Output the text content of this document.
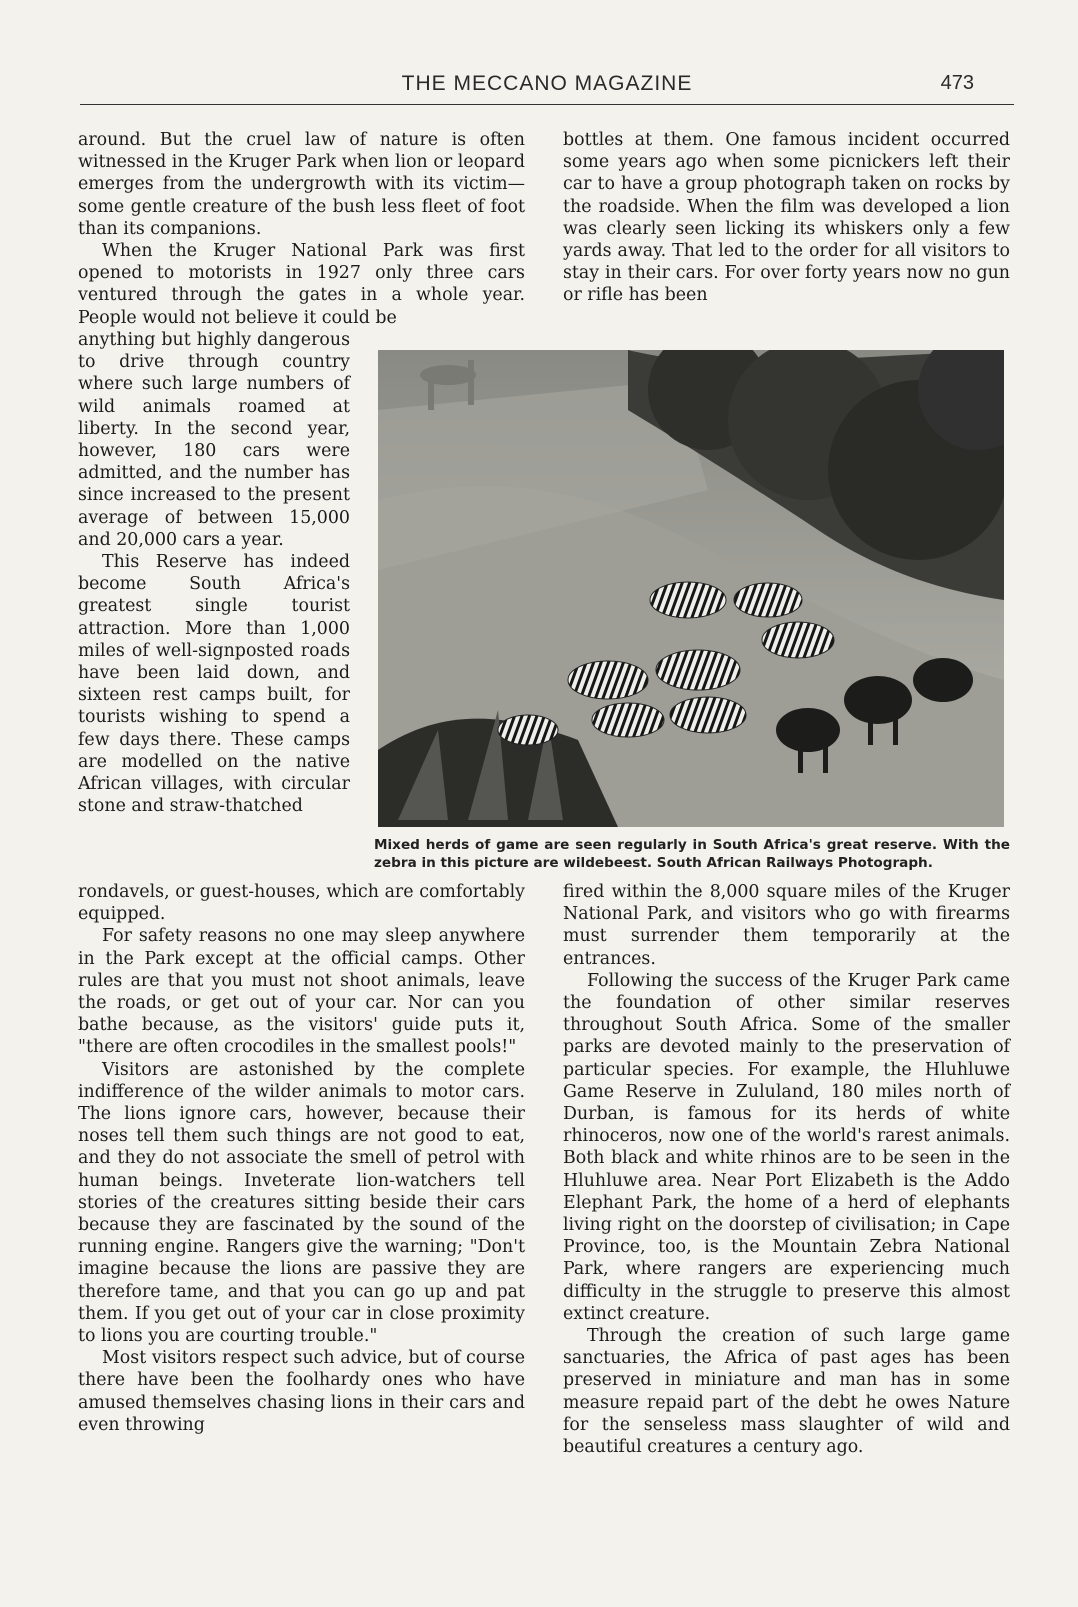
THE MECCANO MAGAZINE	473

around. But the cruel law of nature is often witnessed in the Kruger Park when lion or leopard emerges from the undergrowth with its victim—some gentle creature of the bush less fleet of foot than its companions.

When the Kruger National Park was first opened to motorists in 1927 only three cars ventured through the gates in a whole year. People would not believe it could be

anything but highly dangerous to drive through country where such large numbers of wild animals roamed at liberty. In the second year, however, 180 cars were admitted, and the number has since increased to the present average of between 15,000 and 20,000 cars a year.

This Reserve has indeed become South Africa's greatest single tourist attraction. More than 1,000 miles of well-signposted roads have been laid down, and sixteen rest camps built, for tourists wishing to spend a few days there. These camps are modelled on the native African villages, with circular stone and straw-thatched

rondavels, or guest-houses, which are comfortably equipped.

For safety reasons no one may sleep anywhere in the Park except at the official camps. Other rules are that you must not shoot animals, leave the roads, or get out of your car. Nor can you bathe because, as the visitors' guide puts it, "there are often crocodiles in the smallest pools!"

Visitors are astonished by the complete indifference of the wilder animals to motor cars. The lions ignore cars, however, because their noses tell them such things are not good to eat, and they do not associate the smell of petrol with human beings. Inveterate lion-watchers tell stories of the creatures sitting beside their cars because they are fascinated by the sound of the running engine. Rangers give the warning; "Don't imagine because the lions are passive they are therefore tame, and that you can go up and pat them. If you get out of your car in close proximity to lions you are courting trouble."

Most visitors respect such advice, but of course there have been the foolhardy ones who have amused themselves chasing lions in their cars and even throwing

bottles at them. One famous incident occurred some years ago when some picnickers left their car to have a group photograph taken on rocks by the roadside. When the film was developed a lion was clearly seen licking its whiskers only a few yards away. That led to the order for all visitors to stay in their cars. For over forty years now no gun or rifle has been

Mixed herds of game are seen regularly in South Africa's great reserve. With the zebra in this picture are wildebeest. South African Railways Photograph.

fired within the 8,000 square miles of the Kruger National Park, and visitors who go with firearms must surrender them temporarily at the entrances.

Following the success of the Kruger Park came the foundation of other similar reserves throughout South Africa. Some of the smaller parks are devoted mainly to the preservation of particular species. For example, the Hluhluwe Game Reserve in Zululand, 180 miles north of Durban, is famous for its herds of white rhinoceros, now one of the world's rarest animals. Both black and white rhinos are to be seen in the Hluhluwe area. Near Port Elizabeth is the Addo Elephant Park, the home of a herd of elephants living right on the doorstep of civilisation; in Cape Province, too, is the Mountain Zebra National Park, where rangers are experiencing much difficulty in the struggle to preserve this almost extinct creature.

Through the creation of such large game sanctuaries, the Africa of past ages has been preserved in miniature and man has in some measure repaid part of the debt he owes Nature for the senseless mass slaughter of wild and beautiful creatures a century ago.
